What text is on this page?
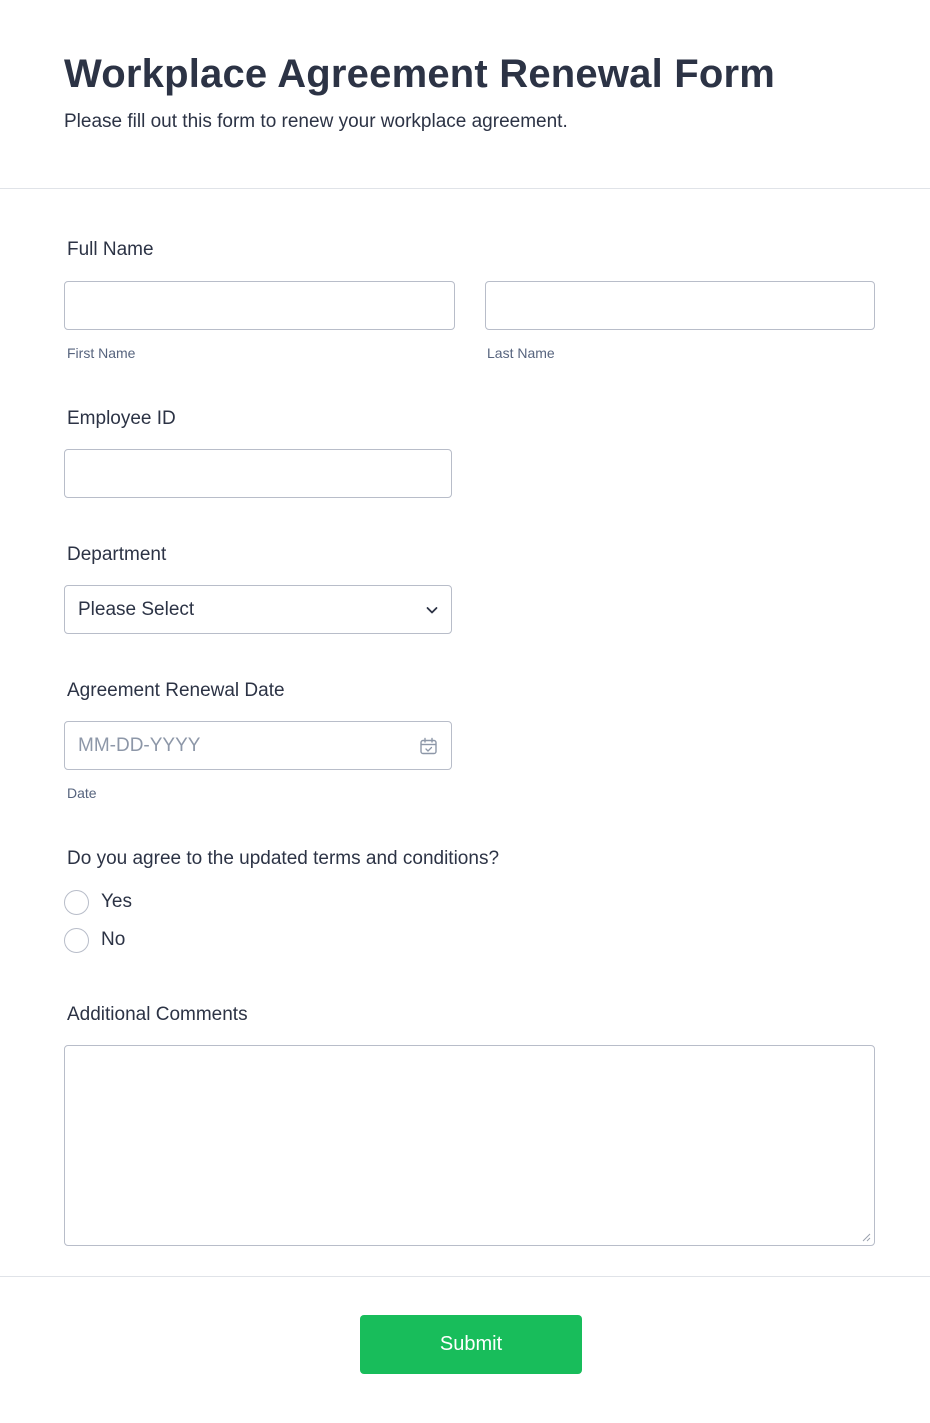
Workplace Agreement Renewal Form

Please fill out this form to renew your workplace agreement.

Full Name
First Name	Last Name
Employee ID
Department
Please Select
Agreement Renewal Date
MM-DD-YYYY
Date
Do you agree to the updated terms and conditions?
Yes
No
Additional Comments
Submit
